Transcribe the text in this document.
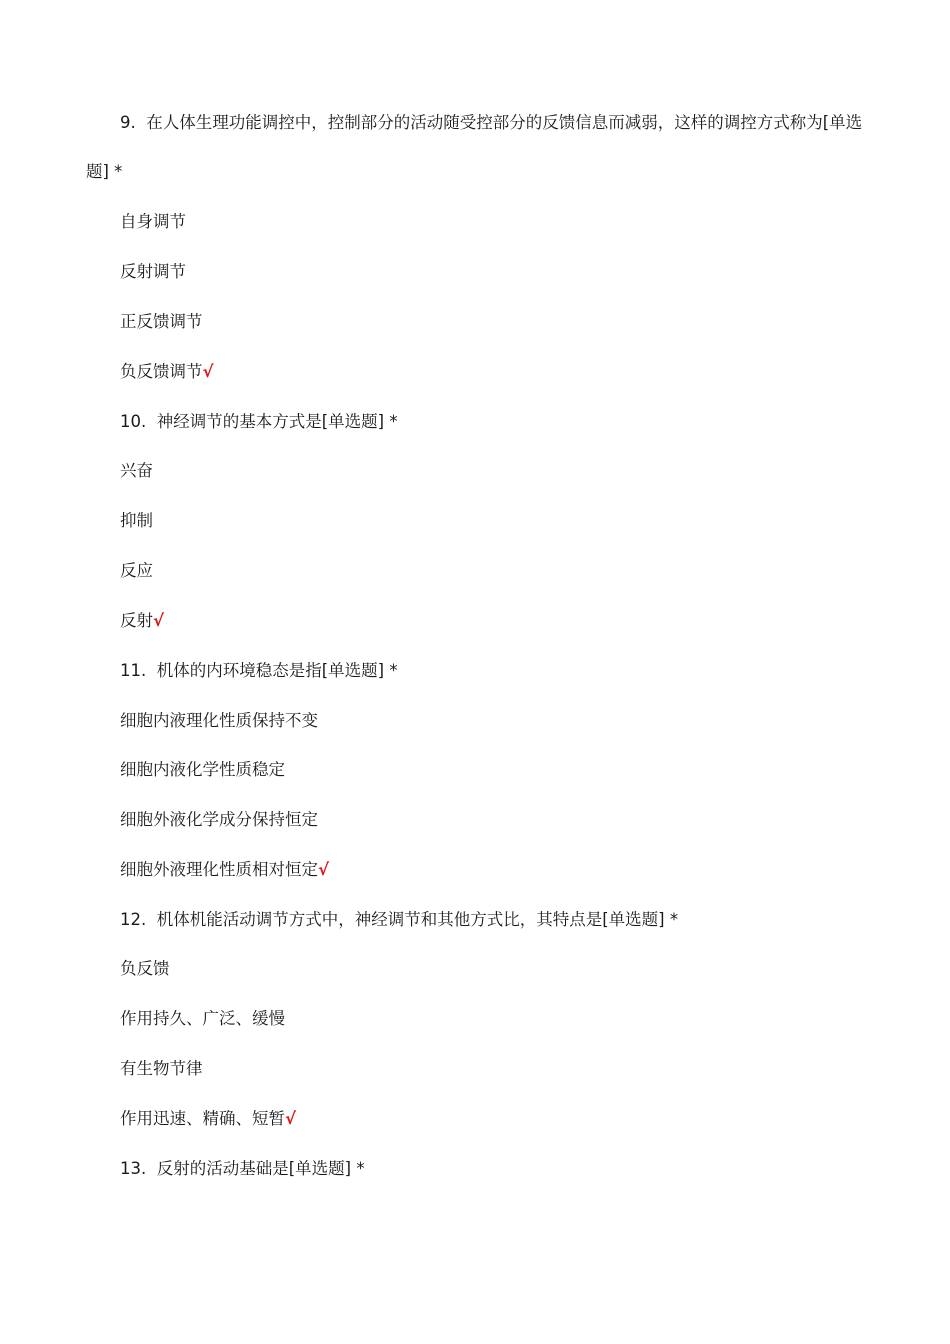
9. 在人体生理功能调控中，控制部分的活动随受控部分的反馈信息而减弱，这样的调控方式称为[单选
题] *
自身调节
反射调节
正反馈调节
负反馈调节√
10. 神经调节的基本方式是[单选题] *
兴奋
抑制
反应
反射√
11. 机体的内环境稳态是指[单选题] *
细胞内液理化性质保持不变
细胞内液化学性质稳定
细胞外液化学成分保持恒定
细胞外液理化性质相对恒定√
12. 机体机能活动调节方式中，神经调节和其他方式比，其特点是[单选题] *
负反馈
作用持久、广泛、缓慢
有生物节律
作用迅速、精确、短暂√
13. 反射的活动基础是[单选题] *
